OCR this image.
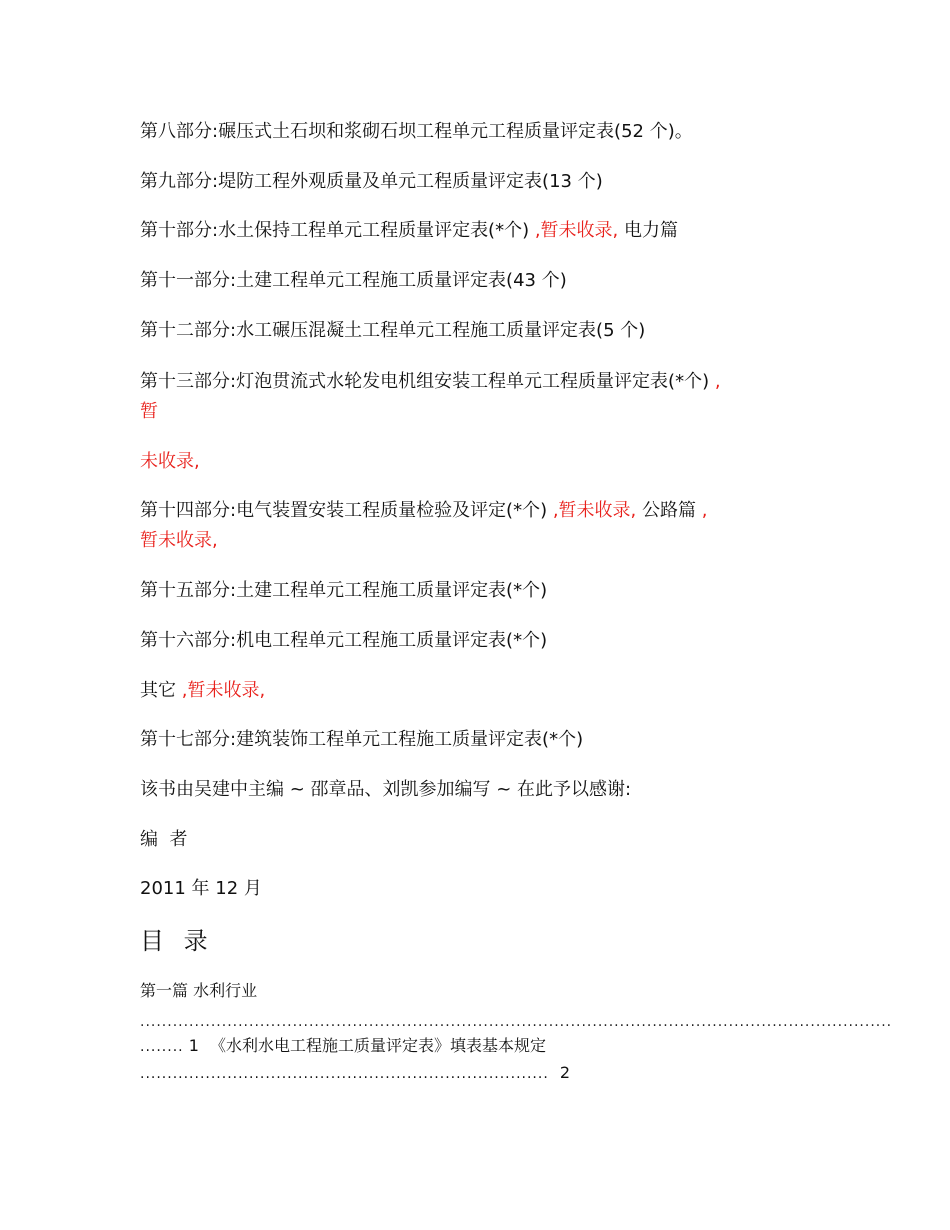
第八部分:碾压式土石坝和浆砌石坝工程单元工程质量评定表(52 个)。
第九部分:堤防工程外观质量及单元工程质量评定表(13 个)
第十部分:水土保持工程单元工程质量评定表(*个) ,暂未收录, 电力篇
第十一部分:土建工程单元工程施工质量评定表(43 个)
第十二部分:水工碾压混凝土工程单元工程施工质量评定表(5 个)
第十三部分:灯泡贯流式水轮发电机组安装工程单元工程质量评定表(*个) ,
暂
未收录,
第十四部分:电气装置安装工程质量检验及评定(*个) ,暂未收录, 公路篇 ,
暂未收录,
第十五部分:土建工程单元工程施工质量评定表(*个)
第十六部分:机电工程单元工程施工质量评定表(*个)
其它 ,暂未收录,
第十七部分:建筑装饰工程单元工程施工质量评定表(*个)
该书由吴建中主编 ~ 邵章品、刘凯参加编写 ~ 在此予以感谢:
编  者
2011 年 12 月
目 录
第一篇 水利行业
..........................................................................................................................................
........ 1 《水利水电工程施工质量评定表》填表基本规定
........................................................................... 2
